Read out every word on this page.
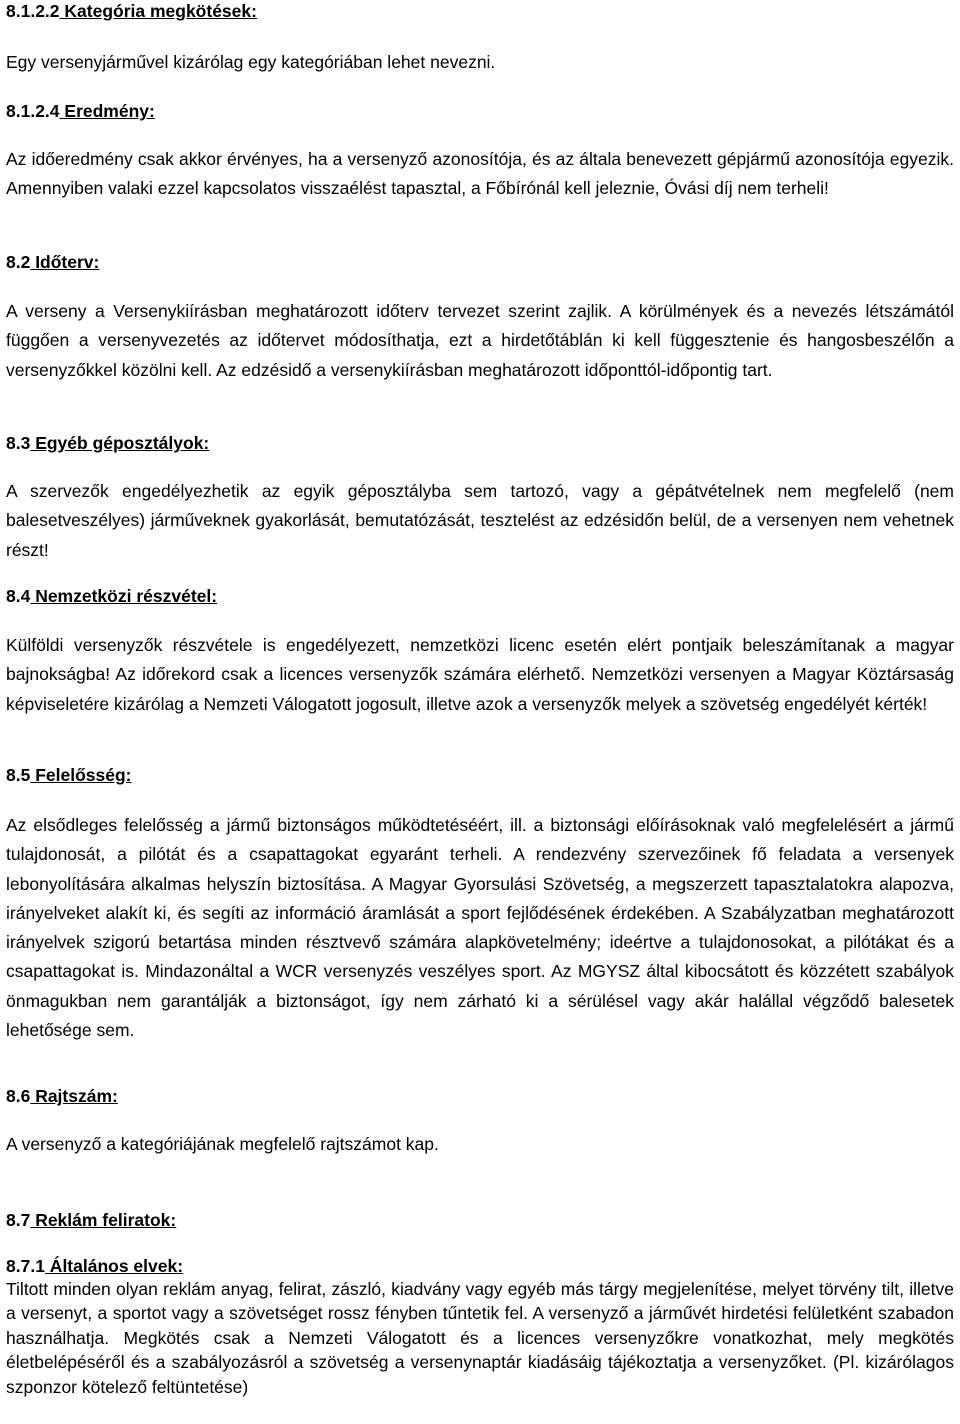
8.1.2.2 Kategória megkötések:

Egy versenyjárművel kizárólag egy kategóriában lehet nevezni.

8.1.2.4 Eredmény:

Az időeredmény csak akkor érvényes, ha a versenyző azonosítója, és az általa benevezett gépjármű azonosítója egyezik. Amennyiben valaki ezzel kapcsolatos visszaélést tapasztal, a Főbírónál kell jeleznie, Óvási díj nem terheli!

8.2 Időterv:

A verseny a Versenykiírásban meghatározott időterv tervezet szerint zajlik. A körülmények és a nevezés létszámától függően a versenyvezetés az időtervet módosíthatja, ezt a hirdetőtáblán ki kell függesztenie és hangosbeszélőn a versenyzőkkel közölni kell. Az edzésidő a versenykiírásban meghatározott időponttól-időpontig tart.

8.3 Egyéb gépo​sztályok:

A szervezők engedélyezhetik az egyik géposztályba sem tartozó, vagy a gépátvételnek nem megfelelő (nem balesetveszélyes) járműveknek gyakorlását, bemutatózását, tesztelést az edzésidőn belül, de a versenyen nem vehetnek részt!

8.4 Nemzetközi részvétel:

Külföldi versenyzők részvétele is engedélyezett, nemzetközi licenc esetén elért pontjaik beleszámítanak a magyar bajnokságba! Az időrekord csak a licences versenyzők számára elérhető. Nemzetközi versenyen a Magyar Köztársaság képviseletére kizárólag a Nemzeti Válogatott jogosult, illetve azok a versenyzők melyek a szövetség engedélyét kérték!

8.5 Felelősség:

Az elsődleges felelősség a jármű biztonságos működtetéséért, ill. a biztonsági előírásoknak való megfelelésért a jármű tulajdonosát, a pilótát és a csapattagokat egyaránt terheli. A rendezvény szervezőinek fő feladata a versenyek lebonyolítására alkalmas helyszín biztosítása. A Magyar Gyorsulási Szövetség, a megszerzett tapasztalatokra alapozva, irányelveket alakít ki, és segíti az információ áramlását a sport fejlődésének érdekében. A Szabályzatban meghatározott irányelvek szigorú betartása minden résztvevő számára alapkövetelmény; ideértve a tulajdonosokat, a pilótákat és a csapattagokat is. Mindazonáltal a WCR versenyzés veszélyes sport. Az MGYSZ által kibocsátott és közzétett szabályok önmagukban nem garantálják a biztonságot, így nem zárható ki a sérülésel vagy akár halállal végződő balesetek lehetősége sem.

8.6 Rajtszám:

A versenyző a kategóriájának megfelelő rajtszámot kap.

8.7 Reklám feliratok:
8.7.1 Általános elvek:

Tiltott minden olyan reklám anyag, felirat, zászló, kiadvány vagy egyéb más tárgy megjelenítése, melyet törvény tilt, illetve a versenyt, a sportot vagy a szövetséget rossz fényben tűntetik fel. A versenyző a járművét hirdetési felületként szabadon használhatja. Megkötés csak a Nemzeti Válogatott és a licences versenyzőkre vonatkozhat, mely megkötés életbelépéséről és a szabályozásról a szövetség a versenynaptár kiadásáig tájékoztatja a versenyzőket. (Pl. kizárólagos szponzor kötelező feltüntetése)
